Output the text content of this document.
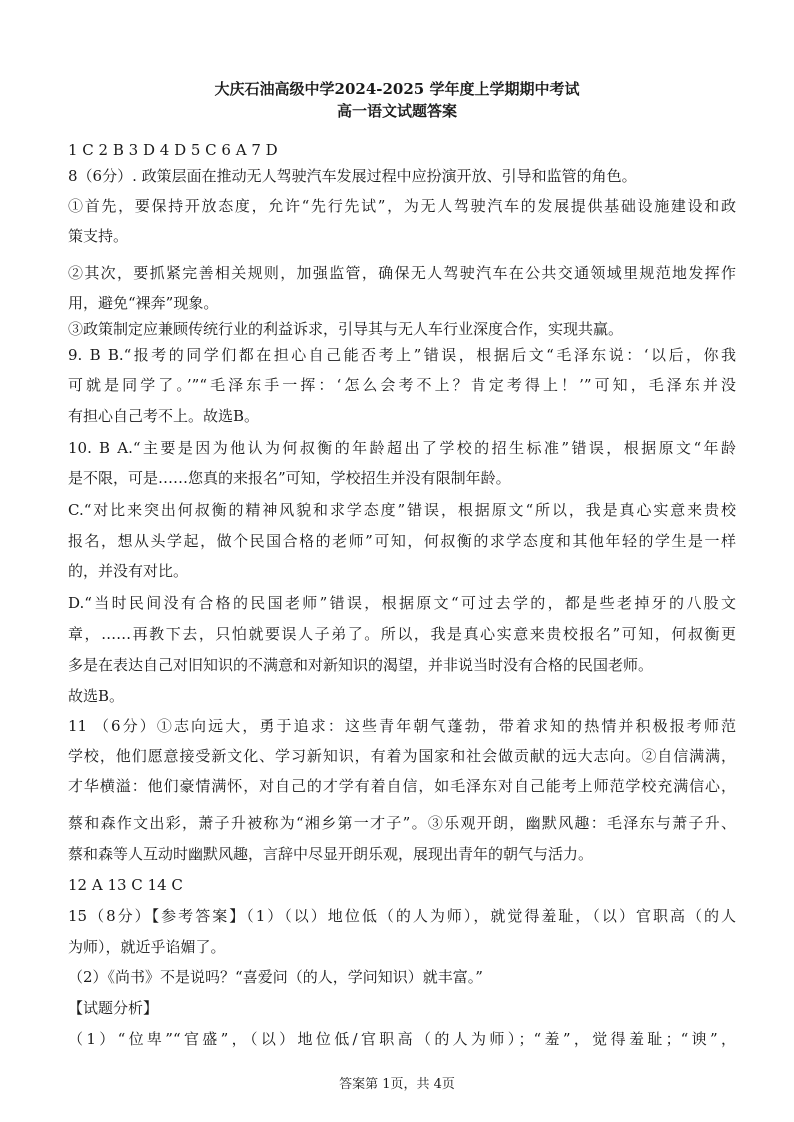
大庆石油高级中学2024-2025 学年度上学期期中考试
高一语文试题答案
1 C 2 B 3 D 4 D 5 C 6 A 7 D
8（6分）. 政策层面在推动无人驾驶汽车发展过程中应扮演开放、引导和监管的角色。
①首先，要保持开放态度，允许“先行先试”，为无人驾驶汽车的发展提供基础设施建设和政
策支持。
②其次，要抓紧完善相关规则，加强监管，确保无人驾驶汽车在公共交通领域里规范地发挥作
用，避免“裸奔”现象。
③政策制定应兼顾传统行业的利益诉求，引导其与无人车行业深度合作，实现共赢。
9. B B.“报考的同学们都在担心自己能否考上”错误，根据后文“毛泽东说：‘以后，你我
可就是同学了。’”“毛泽东手一挥：‘怎么会考不上？肯定考得上！’”可知，毛泽东并没
有担心自己考不上。故选B。
10. B A.“主要是因为他认为何叔衡的年龄超出了学校的招生标准”错误，根据原文“年龄
是不限，可是……您真的来报名”可知，学校招生并没有限制年龄。
C.“对比来突出何叔衡的精神风貌和求学态度”错误，根据原文“所以，我是真心实意来贵校
报名，想从头学起，做个民国合格的老师”可知，何叔衡的求学态度和其他年轻的学生是一样
的，并没有对比。
D.“当时民间没有合格的民国老师”错误，根据原文“可过去学的，都是些老掉牙的八股文
章，……再教下去，只怕就要误人子弟了。所以，我是真心实意来贵校报名”可知，何叔衡更
多是在表达自己对旧知识的不满意和对新知识的渴望，并非说当时没有合格的民国老师。
故选B。
11 （6分）①志向远大，勇于追求：这些青年朝气蓬勃，带着求知的热情并积极报考师范
学校，他们愿意接受新文化、学习新知识，有着为国家和社会做贡献的远大志向。②自信满满，
才华横溢：他们豪情满怀，对自己的才学有着自信，如毛泽东对自己能考上师范学校充满信心，
蔡和森作文出彩，萧子升被称为“湘乡第一才子”。③乐观开朗，幽默风趣：毛泽东与萧子升、
蔡和森等人互动时幽默风趣，言辞中尽显开朗乐观，展现出青年的朝气与活力。
12 A 13 C 14 C
15（8分）【参考答案】（1）（以）地位低（的人为师），就觉得羞耻，（以）官职高（的人
为师），就近乎谄媚了。
（2）《尚书》不是说吗？“喜爱问（的人，学问知识）就丰富。”
【试题分析】
（1）“位卑”“官盛”，（以）地位低/官职高（的人为师）；“羞”，觉得羞耻；“谀”，
答案第 1页，共 4页
